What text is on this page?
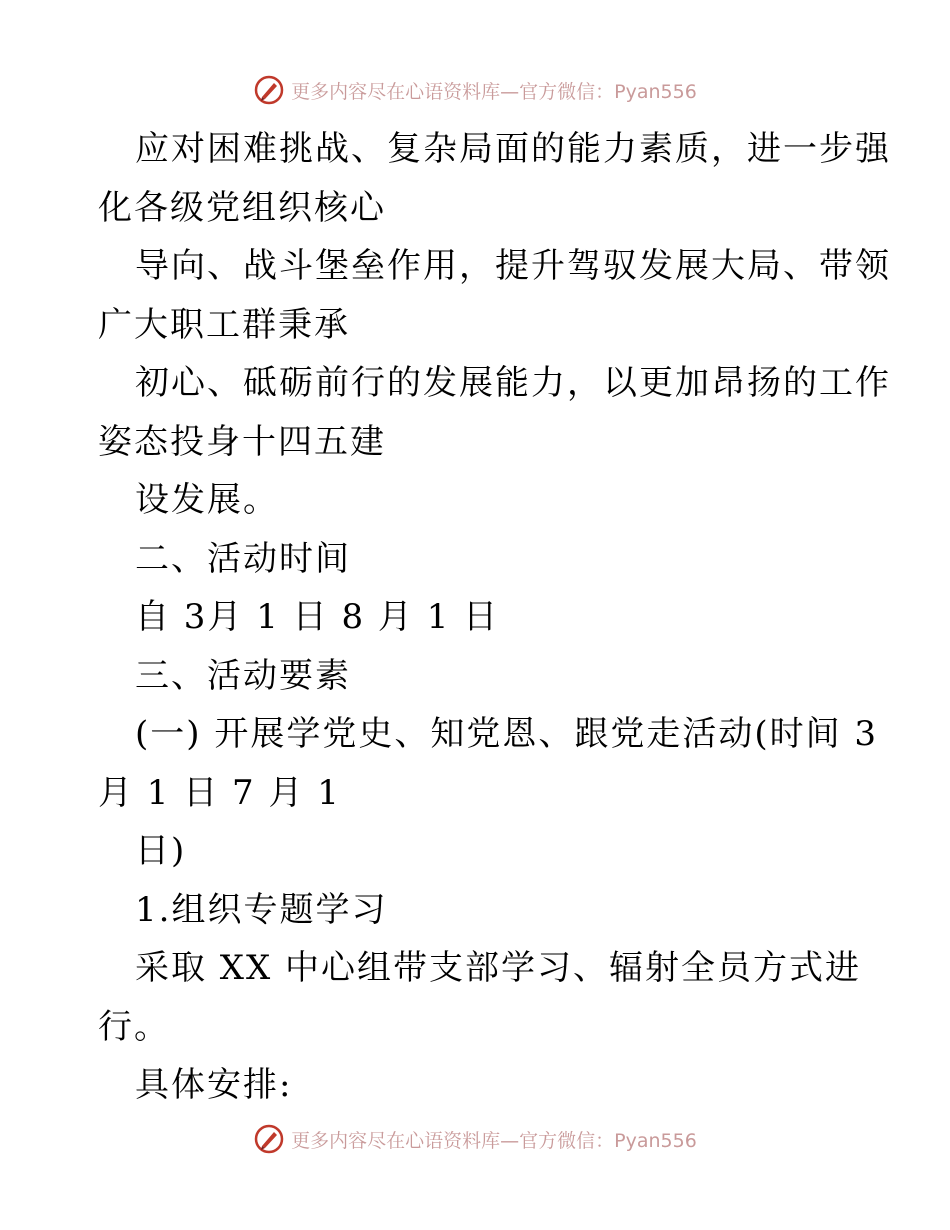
更多内容尽在心语资料库—官方微信：Pyan556
应对困难挑战、复杂局面的能力素质，进一步强
化各级党组织核心
导向、战斗堡垒作用，提升驾驭发展大局、带领
广大职工群秉承
初心、砥砺前行的发展能力，以更加昂扬的工作
姿态投身十四五建
设发展。
二、活动时间
自 3月 1 日 8 月 1 日
三、活动要素
(一) 开展学党史、知党恩、跟党走活动(时间 3
月 1 日 7 月 1
日)
1.组织专题学习
采取 XX 中心组带支部学习、辐射全员方式进
行。
具体安排:
更多内容尽在心语资料库—官方微信：Pyan556
